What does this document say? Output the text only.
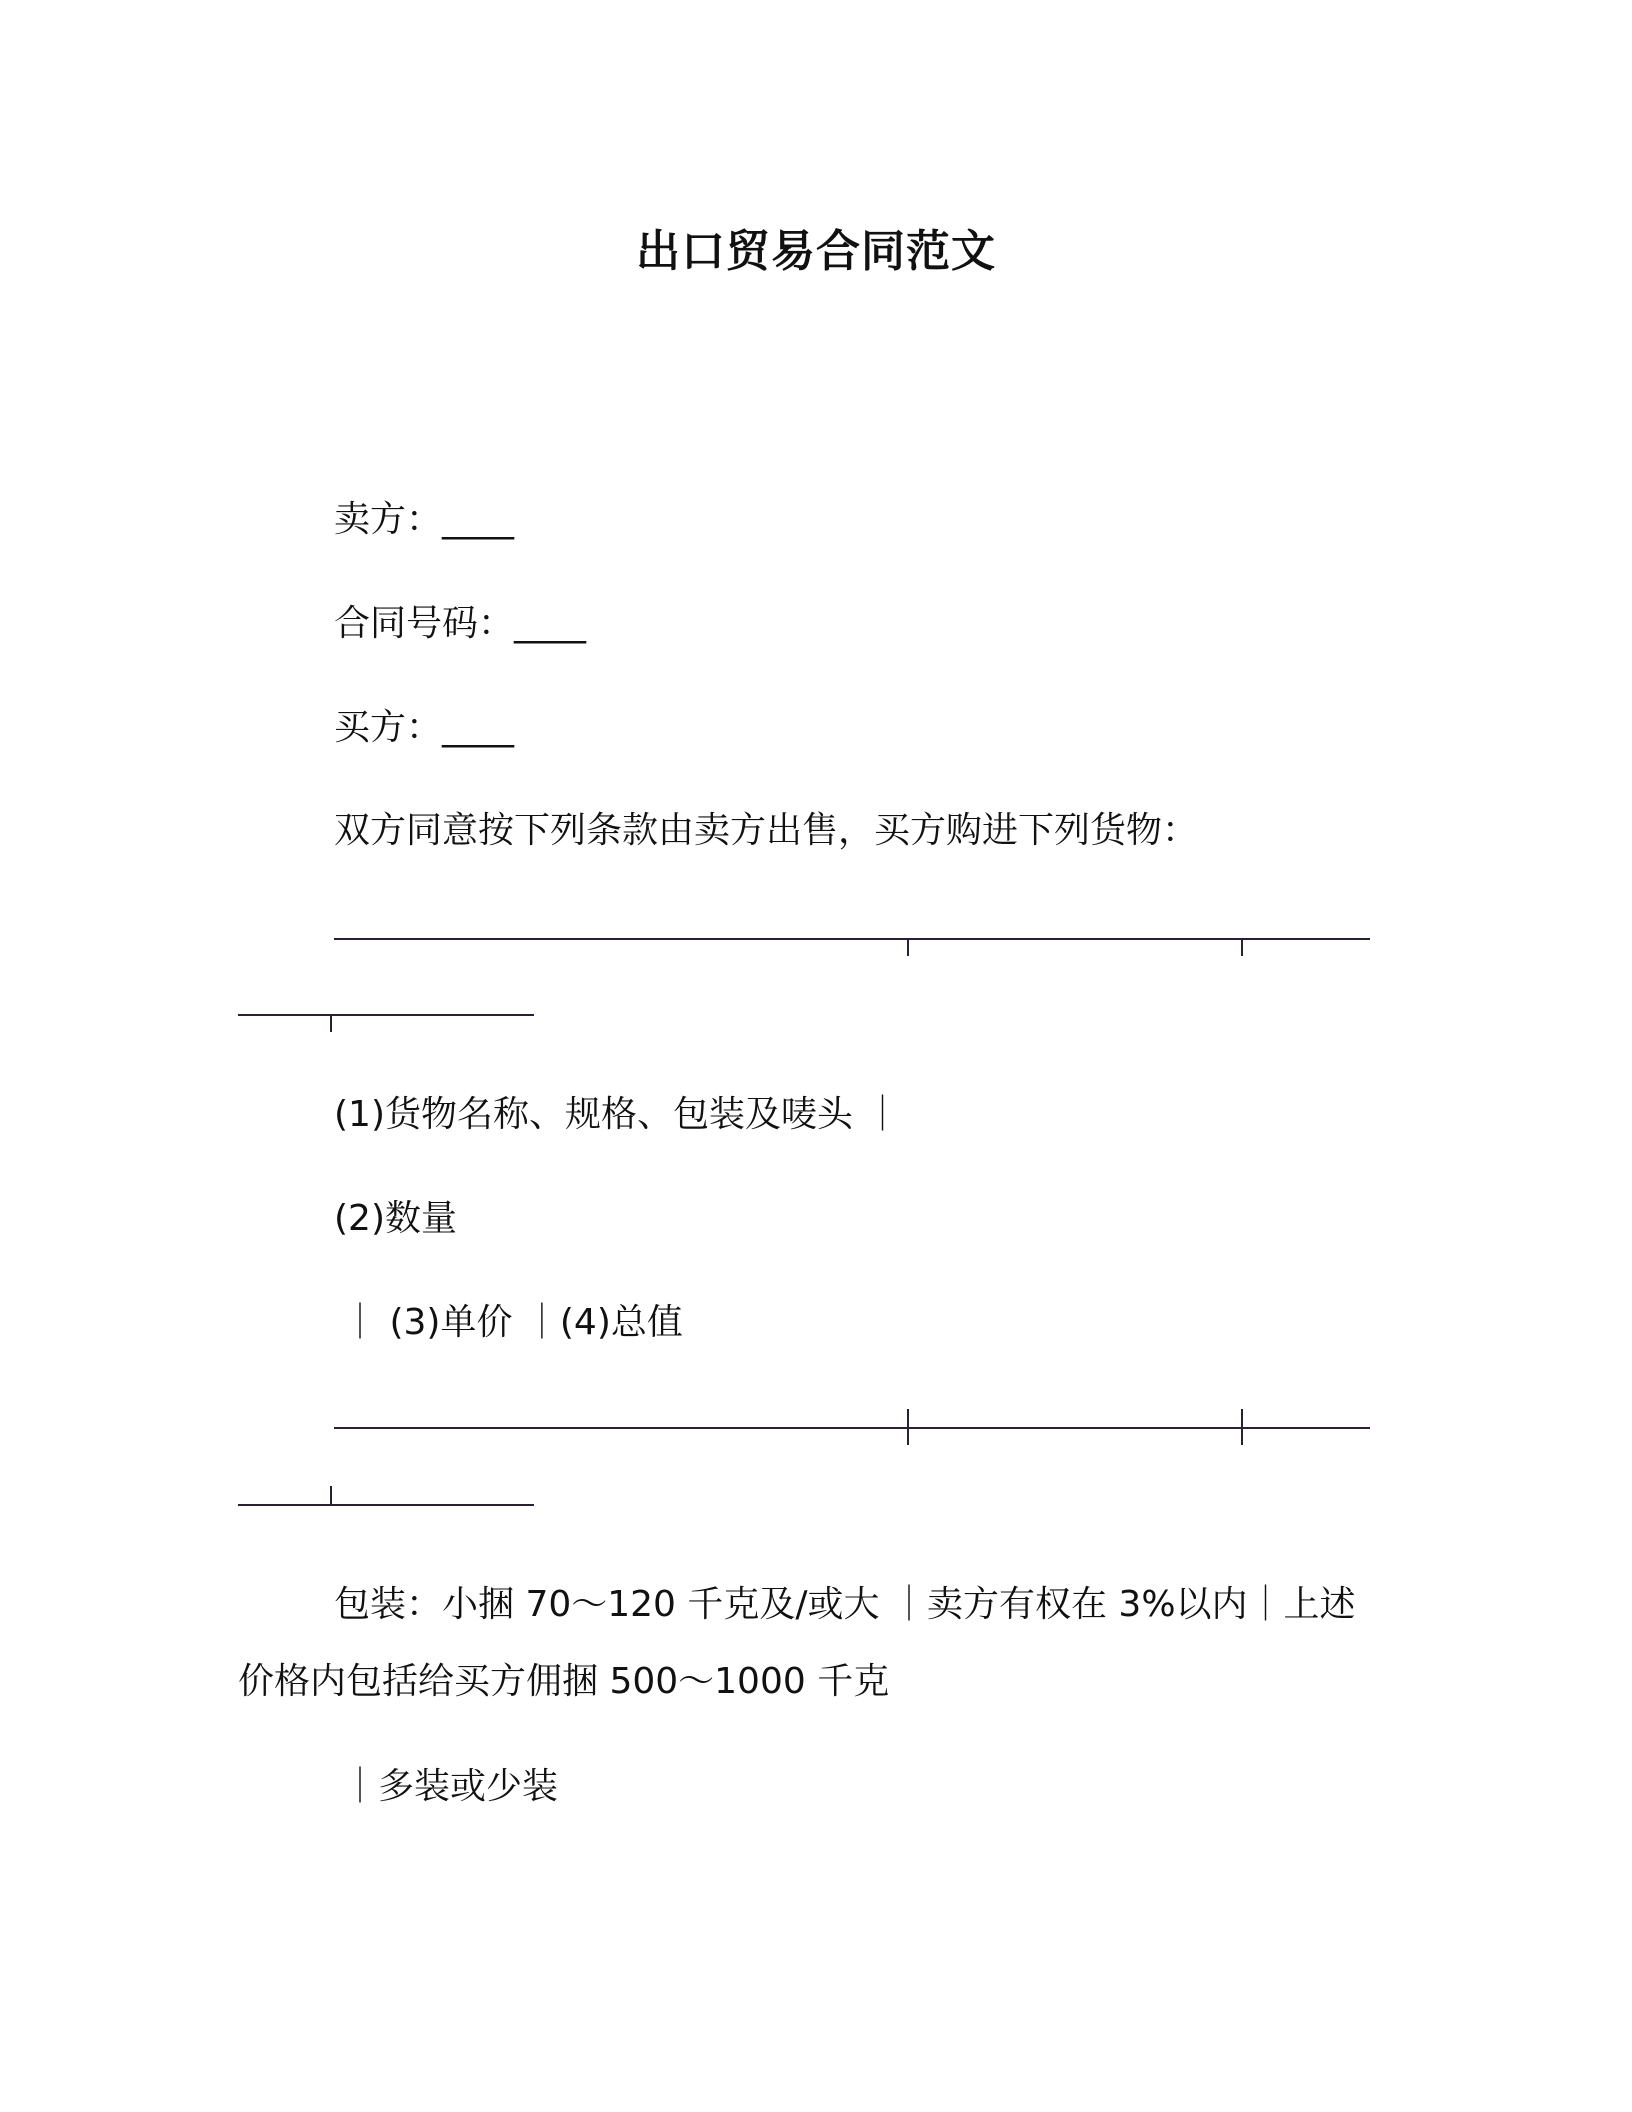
出口贸易合同范文
卖方：____
合同号码：____
买方：____
双方同意按下列条款由卖方出售，买方购进下列货物：
(1)货物名称、规格、包装及唛头 ｜
(2)数量
｜ (3)单价 ｜(4)总值
包装：小捆 70～120 千克及/或大 ｜卖方有权在 3%以内｜上述
价格内包括给买方佣捆 500～1000 千克
｜多装或少装
